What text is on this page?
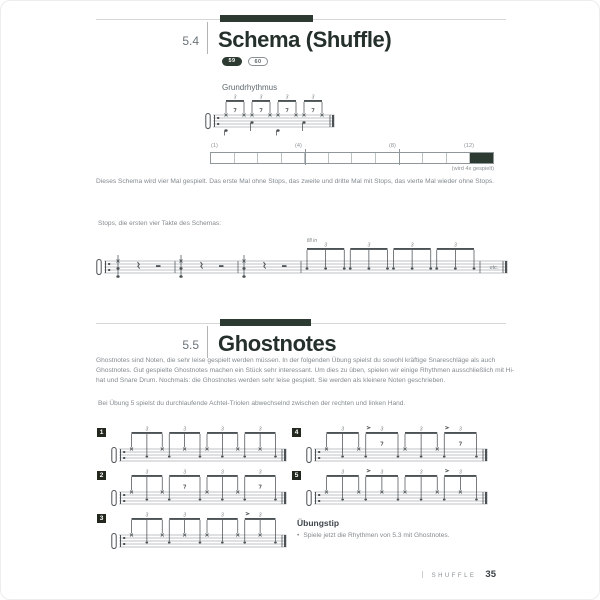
5.4 Schema (Shuffle)
59	60
Grundrhythmus
3	3	3	3
(1)	(4)	(8)	(12)
(wird 4x gespielt)
Dieses Schema wird vier Mal gespielt. Das erste Mal ohne Stops, das zweite und dritte Mal mit Stops, das vierte Mal wieder ohne Stops.
Stops, die ersten vier Takte des Schemas:
fill in
3	3	3	3
etc.
5.5 Ghostnotes
Ghostnotes sind Noten, die sehr leise gespielt werden müssen. In der folgenden Übung spielst du sowohl kräftige Snareschläge als auch Ghostnotes. Gut gespielte Ghostnotes machen ein Stück sehr interessant. Um dies zu üben, spielen wir einige Rhythmen ausschließlich mit Hi-hat und Snare Drum. Nochmals: die Ghostnotes werden sehr leise gespielt. Sie werden als kleinere Noten geschrieben.
Bei Übung 5 spielst du durchlaufende Achtel-Triolen abwechselnd zwischen der rechten und linken Hand.
1	3	3	3	3
2	3	3	3	3
3	3	3	3	3
4	3	3	3	3
5	3	3	3	3
Übungstip
• Spiele jetzt die Rhythmen von 5.3 mit Ghostnotes.
SHUFFLE 35
